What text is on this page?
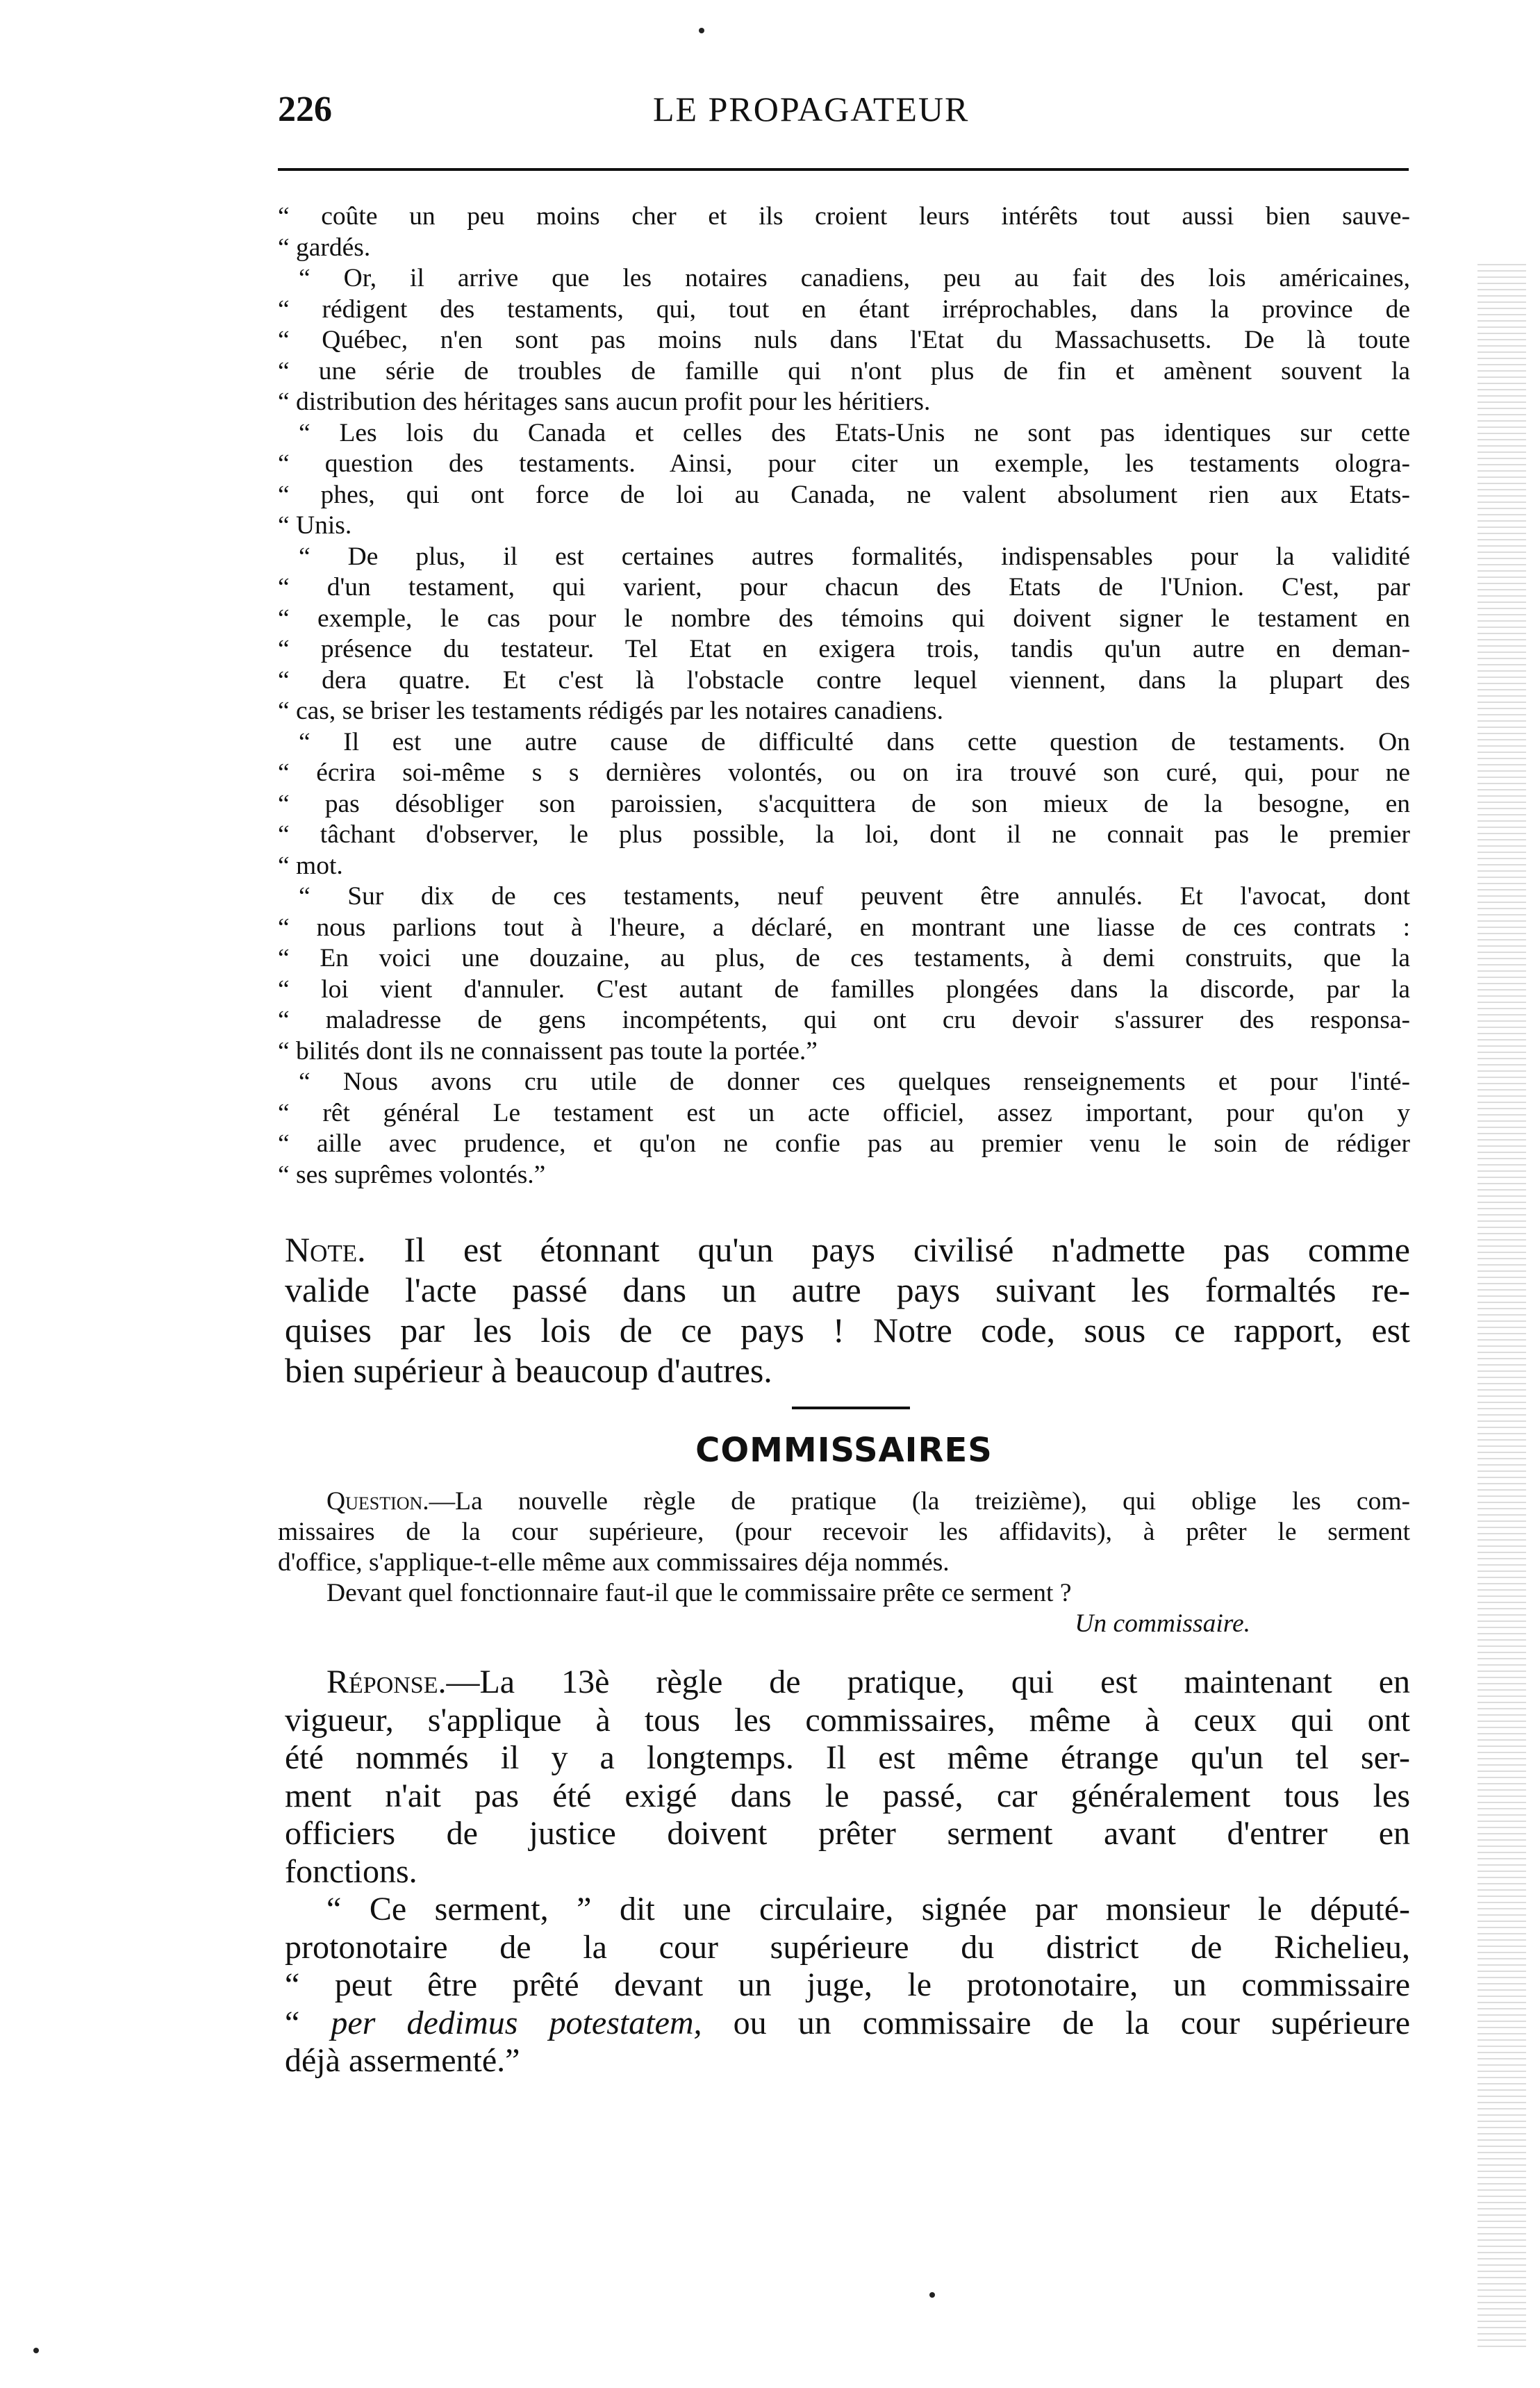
226	LE PROPAGATEUR
“ coûte un peu moins cher et ils croient leurs intérêts tout aussi bien sauve-
“ gardés.
“ Or, il arrive que les notaires canadiens, peu au fait des lois américaines,
“ rédigent des testaments, qui, tout en étant irréprochables, dans la province de
“ Québec, n'en sont pas moins nuls dans l'Etat du Massachusetts. De là toute
“ une série de troubles de famille qui n'ont plus de fin et amènent souvent la
“ distribution des héritages sans aucun profit pour les héritiers.
“ Les lois du Canada et celles des Etats-Unis ne sont pas identiques sur cette
“ question des testaments. Ainsi, pour citer un exemple, les testaments ologra-
“ phes, qui ont force de loi au Canada, ne valent absolument rien aux Etats-
“ Unis.
“ De plus, il est certaines autres formalités, indispensables pour la validité
“ d'un testament, qui varient, pour chacun des Etats de l'Union. C'est, par
“ exemple, le cas pour le nombre des témoins qui doivent signer le testament en
“ présence du testateur. Tel Etat en exigera trois, tandis qu'un autre en deman-
“ dera quatre. Et c'est là l'obstacle contre lequel viennent, dans la plupart des
“ cas, se briser les testaments rédigés par les notaires canadiens.
“ Il est une autre cause de difficulté dans cette question de testaments. On
“ écrira soi-même s s dernières volontés, ou on ira trouvé son curé, qui, pour ne
“ pas désobliger son paroissien, s'acquittera de son mieux de la besogne, en
“ tâchant d'observer, le plus possible, la loi, dont il ne connait pas le premier
“ mot.
“ Sur dix de ces testaments, neuf peuvent être annulés. Et l'avocat, dont
“ nous parlions tout à l'heure, a déclaré, en montrant une liasse de ces contrats :
“ En voici une douzaine, au plus, de ces testaments, à demi construits, que la
“ loi vient d'annuler. C'est autant de familles plongées dans la discorde, par la
“ maladresse de gens incompétents, qui ont cru devoir s'assurer des responsa-
“ bilités dont ils ne connaissent pas toute la portée.”
“ Nous avons cru utile de donner ces quelques renseignements et pour l'inté-
“ rêt général Le testament est un acte officiel, assez important, pour qu'on y
“ aille avec prudence, et qu'on ne confie pas au premier venu le soin de rédiger
“ ses suprêmes volontés.”
Note. Il est étonnant qu'un pays civilisé n'admette pas comme
valide l'acte passé dans un autre pays suivant les formaltés re-
quises par les lois de ce pays ! Notre code, sous ce rapport, est
bien supérieur à beaucoup d'autres.
COMMISSAIRES
Question.—La nouvelle règle de pratique (la treizième), qui oblige les com-
missaires de la cour supérieure, (pour recevoir les affidavits), à prêter le serment
d'office, s'applique-t-elle même aux commissaires déja nommés.
Devant quel fonctionnaire faut-il que le commissaire prête ce serment ?
Un commissaire.
Réponse.—La 13è règle de pratique, qui est maintenant en
vigueur, s'applique à tous les commissaires, même à ceux qui ont
été nommés il y a longtemps. Il est même étrange qu'un tel ser-
ment n'ait pas été exigé dans le passé, car généralement tous les
officiers de justice doivent prêter serment avant d'entrer en
fonctions.
“ Ce serment, ” dit une circulaire, signée par monsieur le député-
protonotaire de la cour supérieure du district de Richelieu,
“ peut être prêté devant un juge, le protonotaire, un commissaire
“ per dedimus potestatem, ou un commissaire de la cour supérieure
déjà assermenté.”
